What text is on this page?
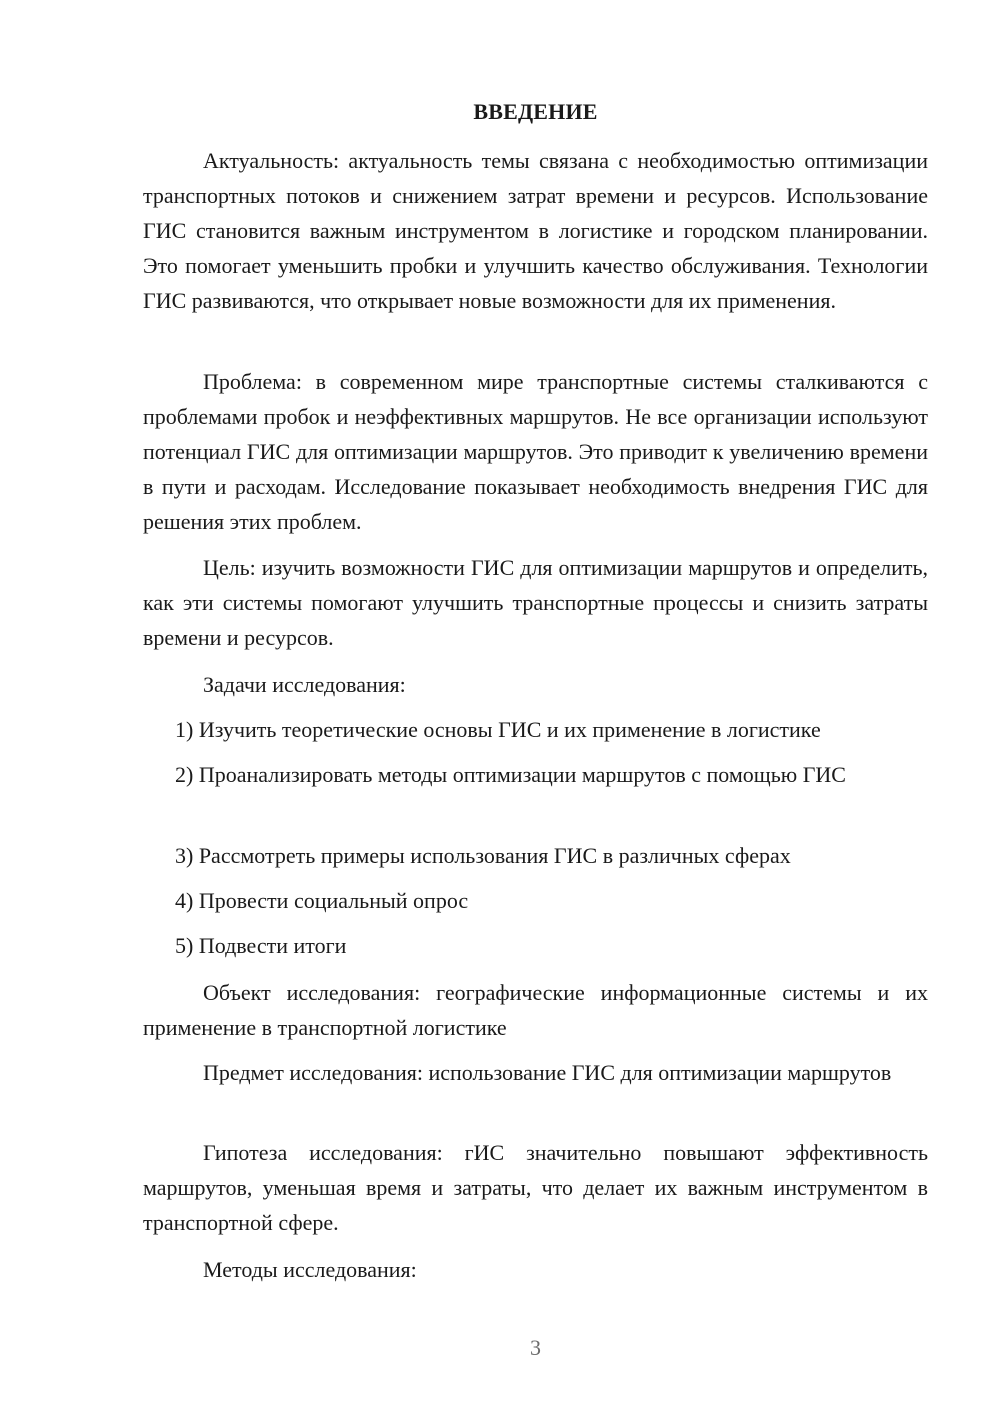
ВВЕДЕНИЕ

Актуальность: актуальность темы связана с необходимостью оптимизации транспортных потоков и снижением затрат времени и ресурсов. Использование ГИС становится важным инструментом в логистике и городском планировании. Это помогает уменьшить пробки и улучшить качество обслуживания. Технологии ГИС развиваются, что открывает новые возможности для их применения.

Проблема: в современном мире транспортные системы сталкиваются с проблемами пробок и неэффективных маршрутов. Не все организации используют потенциал ГИС для оптимизации маршрутов. Это приводит к увеличению времени в пути и расходам. Исследование показывает необходимость внедрения ГИС для решения этих проблем.

Цель: изучить возможности ГИС для оптимизации маршрутов и определить, как эти системы помогают улучшить транспортные процессы и снизить затраты времени и ресурсов.

Задачи исследования:

1) Изучить теоретические основы ГИС и их применение в логистике

2) Проанализировать методы оптимизации маршрутов с помощью ГИС

3) Рассмотреть примеры использования ГИС в различных сферах

4) Провести социальный опрос

5) Подвести итоги

Объект исследования: географические информационные системы и их применение в транспортной логистике

Предмет исследования: использование ГИС для оптимизации маршрутов

Гипотеза исследования: гИС значительно повышают эффективность маршрутов, уменьшая время и затраты, что делает их важным инструментом в транспортной сфере.

Методы исследования:

3
